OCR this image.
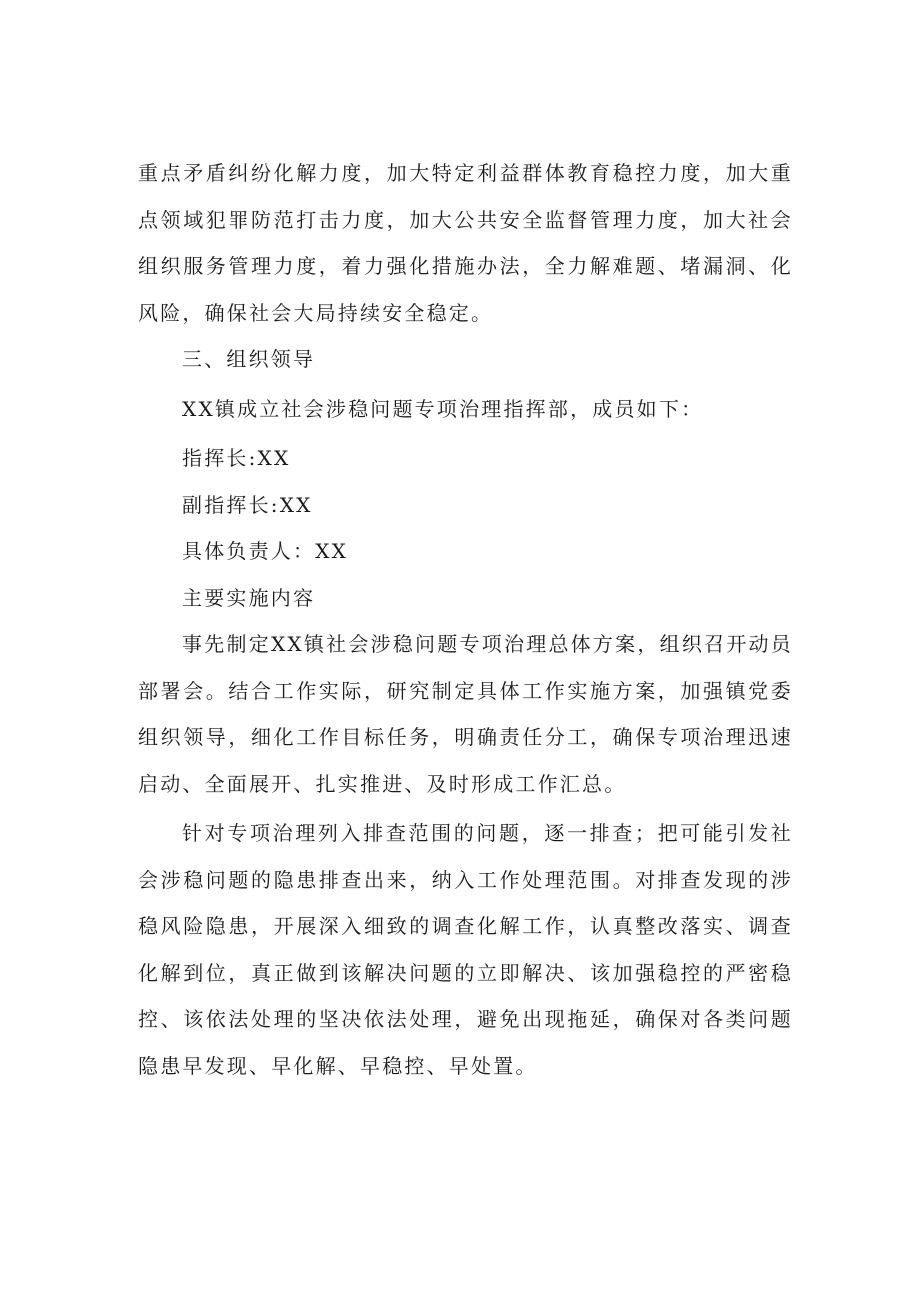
重点矛盾纠纷化解力度，加大特定利益群体教育稳控力度，加大重点领域犯罪防范打击力度，加大公共安全监督管理力度，加大社会组织服务管理力度，着力强化措施办法，全力解难题、堵漏洞、化风险，确保社会大局持续安全稳定。

三、组织领导

XX镇成立社会涉稳问题专项治理指挥部，成员如下：

指挥长:XX

副指挥长:XX

具体负责人：XX

主要实施内容

事先制定XX镇社会涉稳问题专项治理总体方案，组织召开动员部署会。结合工作实际，研究制定具体工作实施方案，加强镇党委组织领导，细化工作目标任务，明确责任分工，确保专项治理迅速启动、全面展开、扎实推进、及时形成工作汇总。

针对专项治理列入排查范围的问题，逐一排查；把可能引发社会涉稳问题的隐患排查出来，纳入工作处理范围。对排查发现的涉稳风险隐患，开展深入细致的调查化解工作，认真整改落实、调查化解到位，真正做到该解决问题的立即解决、该加强稳控的严密稳控、该依法处理的坚决依法处理，避免出现拖延，确保对各类问题隐患早发现、早化解、早稳控、早处置。
